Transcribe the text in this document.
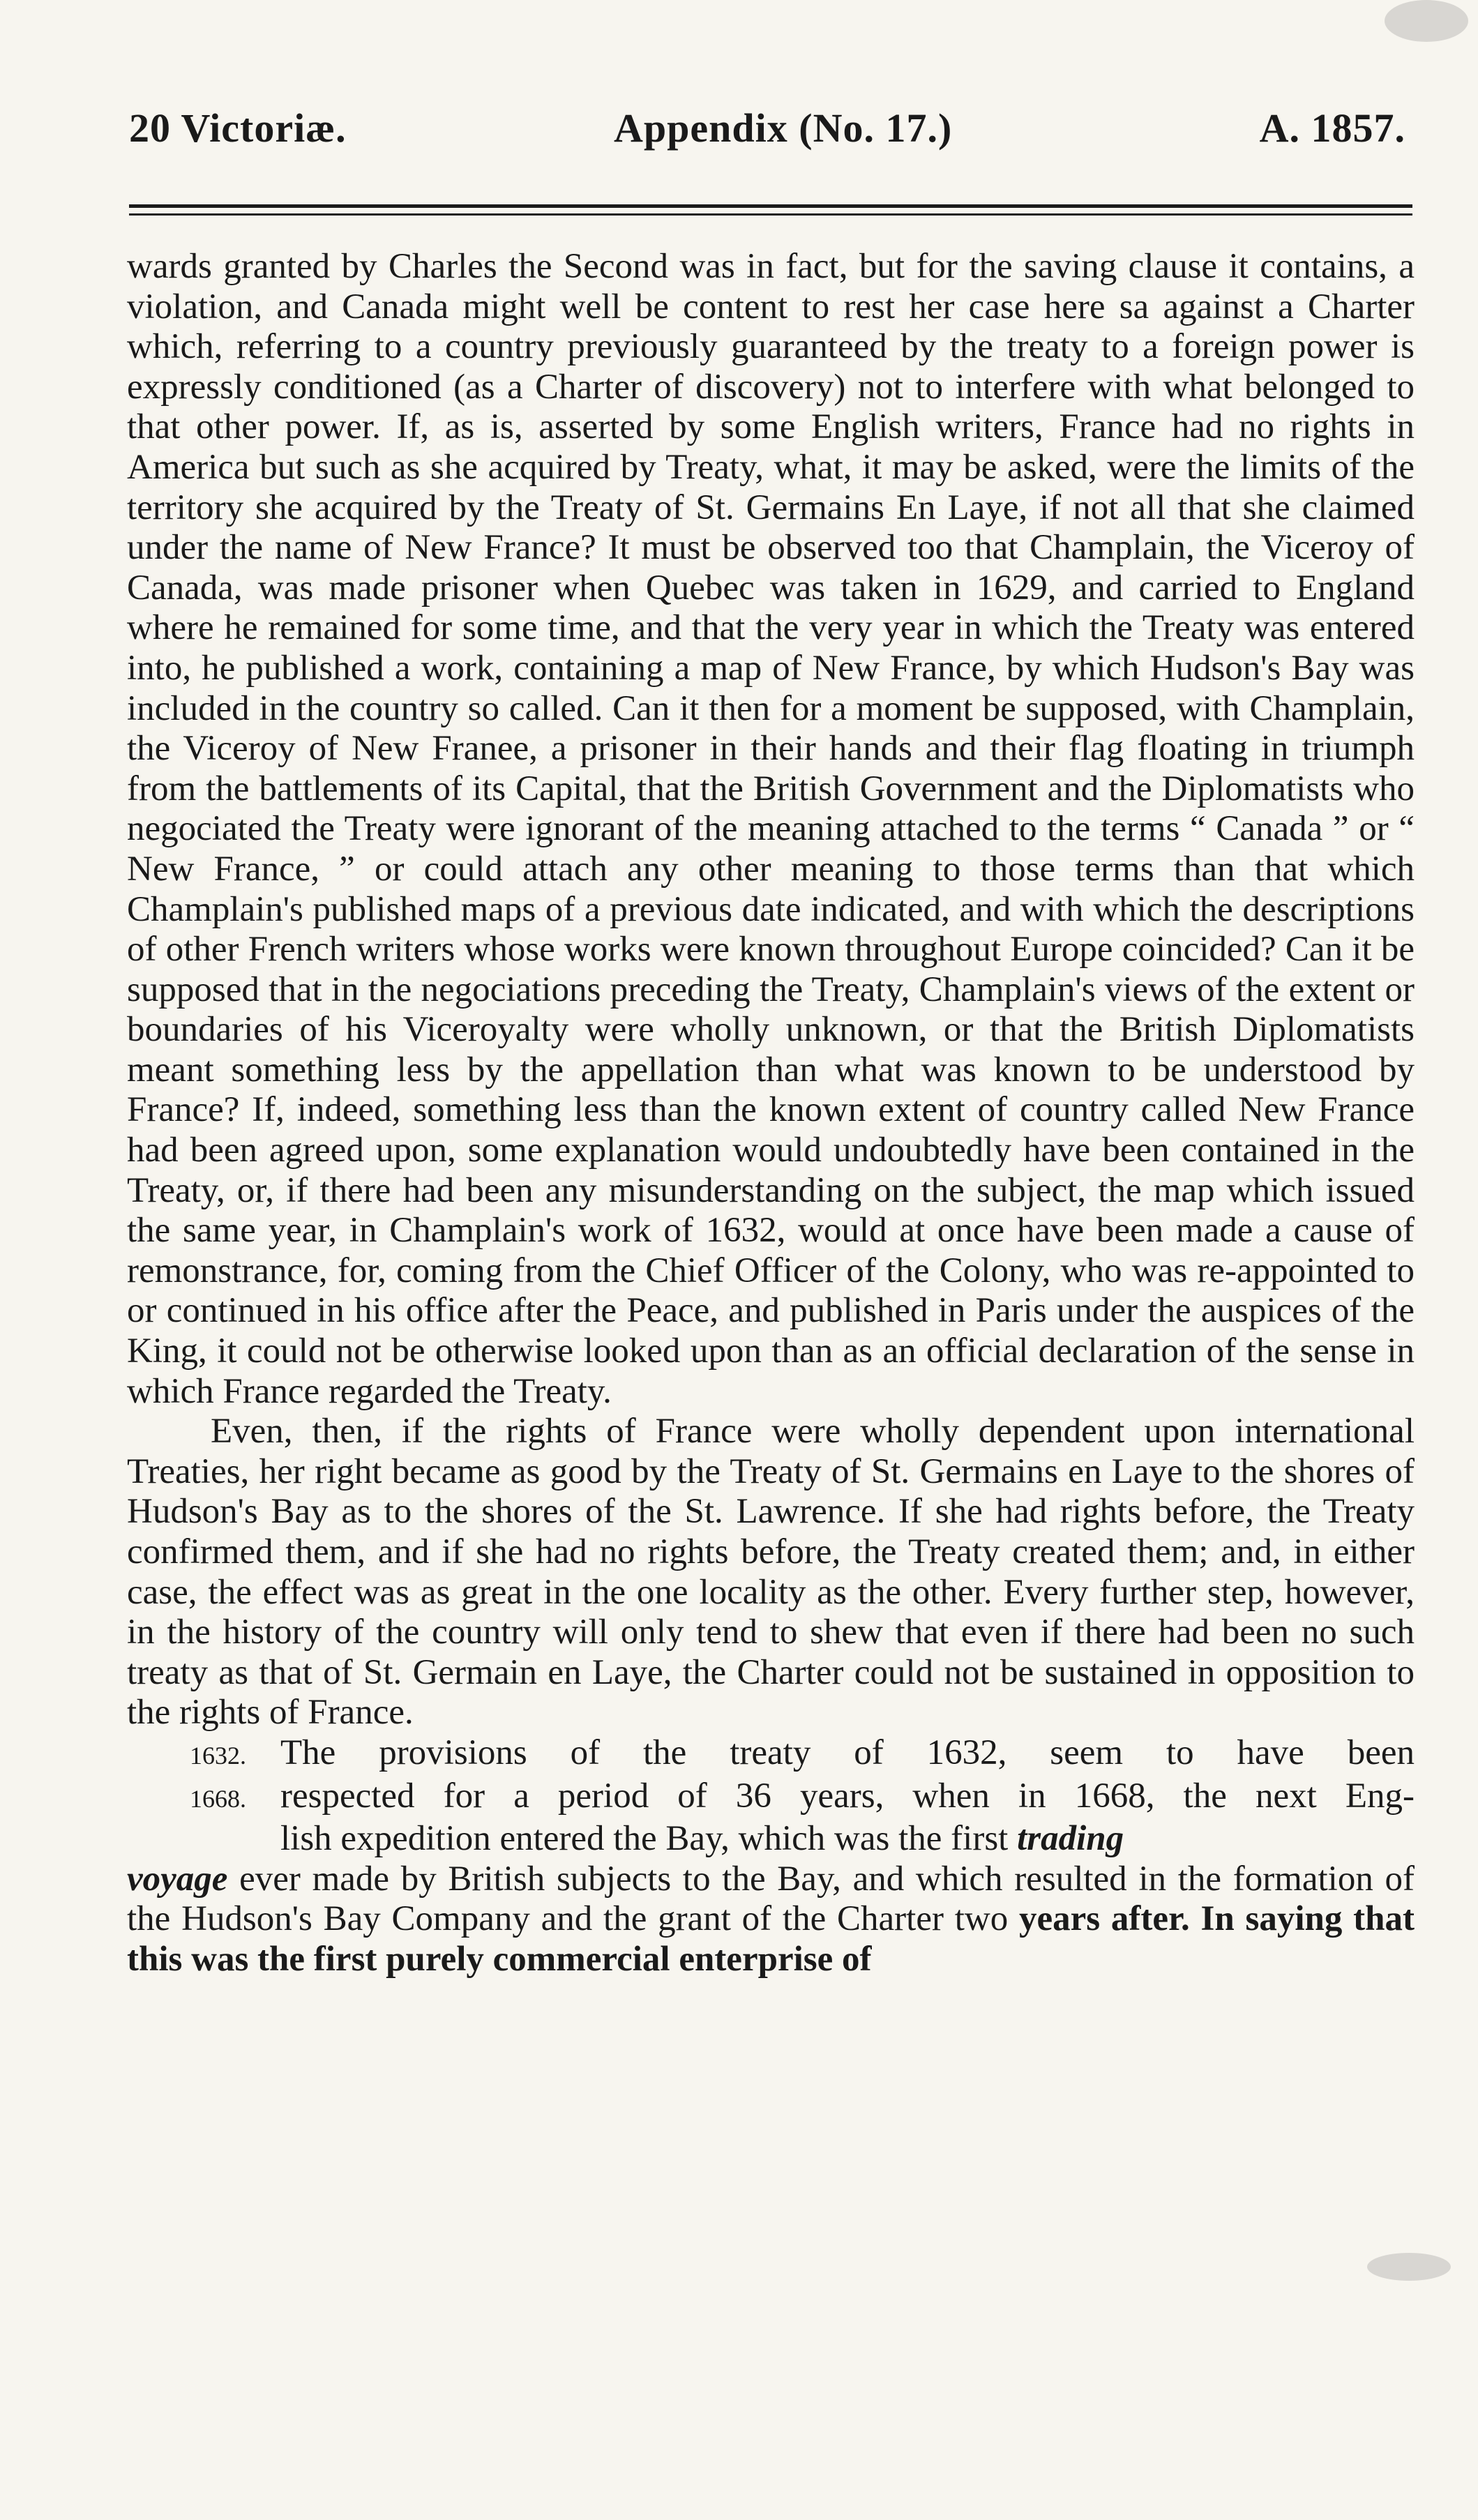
20 Victoriæ.	Appendix (No. 17.)	A. 1857.

wards granted by Charles the Second was in fact, but for the saving clause it contains, a violation, and Canada might well be content to rest her case here sa against a Charter which, referring to a country previously guaranteed by the treaty to a foreign power is expressly conditioned (as a Charter of discovery) not to interfere with what belonged to that other power. If, as is, asserted by some English writers, France had no rights in America but such as she acquired by Treaty, what, it may be asked, were the limits of the territory she acquired by the Treaty of St. Germains En Laye, if not all that she claimed under the name of New France? It must be observed too that Champlain, the Viceroy of Canada, was made prisoner when Quebec was taken in 1629, and carried to England where he remained for some time, and that the very year in which the Treaty was entered into, he published a work, containing a map of New France, by which Hudson's Bay was included in the country so called. Can it then for a moment be supposed, with Champlain, the Viceroy of New Franee, a prisoner in their hands and their flag floating in triumph from the battlements of its Capital, that the British Government and the Diplomatists who negociated the Treaty were ignorant of the meaning attached to the terms “ Canada ” or “ New France, ” or could attach any other meaning to those terms than that which Champlain's published maps of a previous date indicated, and with which the descriptions of other French writers whose works were known throughout Europe coincided? Can it be supposed that in the negociations preceding the Treaty, Champlain's views of the extent or boundaries of his Viceroyalty were wholly unknown, or that the British Diplomatists meant something less by the appellation than what was known to be understood by France? If, indeed, something less than the known extent of country called New France had been agreed upon, some explanation would undoubtedly have been contained in the Treaty, or, if there had been any misunderstanding on the subject, the map which issued the same year, in Champlain's work of 1632, would at once have been made a cause of remonstrance, for, coming from the Chief Officer of the Colony, who was re-appointed to or continued in his office after the Peace, and published in Paris under the auspices of the King, it could not be otherwise looked upon than as an official declaration of the sense in which France regarded the Treaty.

Even, then, if the rights of France were wholly dependent upon international Treaties, her right became as good by the Treaty of St. Germains en Laye to the shores of Hudson's Bay as to the shores of the St. Lawrence. If she had rights before, the Treaty confirmed them, and if she had no rights before, the Treaty created them; and, in either case, the effect was as great in the one locality as the other. Every further step, however, in the history of the country will only tend to shew that even if there had been no such treaty as that of St. Germain en Laye, the Charter could not be sustained in opposition to the rights of France.

1632. The provisions of the treaty of 1632, seem to have been
1668. respected for a period of 36 years, when in 1668, the next Eng-

lish expedition entered the Bay, which was the first trading

voyage ever made by British subjects to the Bay, and which resulted in the formation of the Hudson's Bay Company and the grant of the Charter two years after. In saying that this was the first purely commercial enterprise of
